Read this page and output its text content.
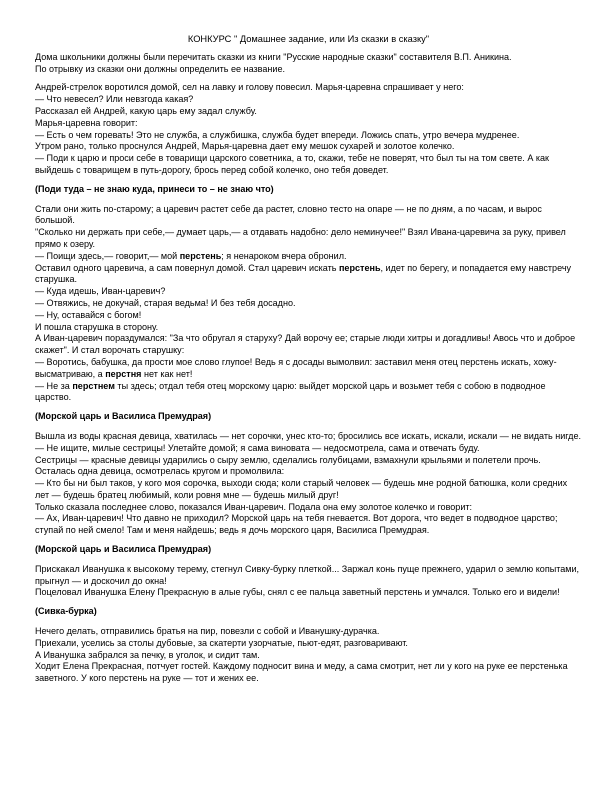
КОНКУРС " Домашнее задание, или Из сказки в сказку"

Дома школьники должны были перечитать сказки из книги "Русские народные сказки" составителя В.П. Аникина.

По отрывку из сказки они должны определить ее название.

Андрей-стрелок воротился домой, сел на лавку и голову повесил. Марья-царевна спрашивает у него:

— Что невесел? Или невзгода какая?

Рассказал ей Андрей, какую царь ему задал службу.

Марья-царевна говорит:

— Есть о чем горевать! Это не служба, а службишка, служба будет впереди. Ложись спать, утро вечера мудренее.

Утром рано, только проснулся Андрей, Марья-царевна дает ему мешок сухарей и золотое колечко.

— Поди к царю и проси себе в товарищи царского советника, а то, скажи, тебе не поверят, что был ты на том свете. А как выйдешь с товарищем в путь-дорогу, брось перед собой колечко, оно тебя доведет.

(Поди туда – не знаю куда, принеси то – не знаю что)

Стали они жить по-старому; а царевич растет себе да растет, словно тесто на опаре — не по дням, а по часам, и вырос большой.

"Сколько ни держать при себе,— думает царь,— а отдавать надобно: дело неминучее!" Взял Ивана-царевича за руку, привел прямо к озеру.

— Поищи здесь,— говорит,— мой перстень; я ненароком вчера обронил.

Оставил одного царевича, а сам повернул домой. Стал царевич искать перстень, идет по берегу, и попадается ему навстречу старушка.

— Куда идешь, Иван-царевич?

— Отвяжись, не докучай, старая ведьма! И без тебя досадно.

— Ну, оставайся с богом!

И пошла старушка в сторону.

А Иван-царевич пораздумался: "За что обругал я старуху? Дай ворочу ее; старые люди хитры и догадливы! Авось что и доброе скажет". И стал ворочать старушку:

— Воротись, бабушка, да прости мое слово глупое! Ведь я с досады вымолвил: заставил меня отец перстень искать, хожу-высматриваю, а перстня нет как нет!

— Не за перстнем ты здесь; отдал тебя отец морскому царю: выйдет морской царь и возьмет тебя с собою в подводное царство.

(Морской царь и Василиса Премудрая)

Вышла из воды красная девица, хватилась — нет сорочки, унес кто-то; бросились все искать, искали, искали — не видать нигде.

— Не ищите, милые сестрицы! Улетайте домой; я сама виновата — недосмотрела, сама и отвечать буду.

Сестрицы — красные девицы ударились о сыру землю, сделались голубицами, взмахнули крыльями и полетели прочь. Осталась одна девица, осмотрелась кругом и промолвила:

— Кто бы ни был таков, у кого моя сорочка, выходи сюда; коли старый человек — будешь мне родной батюшка, коли средних лет — будешь братец любимый, коли ровня мне — будешь милый друг!

Только сказала последнее слово, показался Иван-царевич. Подала она ему золотое колечко и говорит:

— Ах, Иван-царевич! Что давно не приходил? Морской царь на тебя гневается. Вот дорога, что ведет в подводное царство; ступай по ней смело! Там и меня найдешь; ведь я дочь морского царя, Василиса Премудрая.

(Морской царь и Василиса Премудрая)

Прискакал Иванушка к высокому терему, стегнул Сивку-бурку плеткой... Заржал конь пуще прежнего, ударил о землю копытами, прыгнул — и доскочил до окна!

Поцеловал Иванушка Елену Прекрасную в алые губы, снял с ее пальца заветный перстень и умчался. Только его и видели!

(Сивка-бурка)

Нечего делать, отправились братья на пир, повезли с собой и Иванушку-дурачка.

Приехали, уселись за столы дубовые, за скатерти узорчатые, пьют-едят, разговаривают.

А Иванушка забрался за печку, в уголок, и сидит там.

Ходит Елена Прекрасная, потчует гостей. Каждому подносит вина и меду, а сама смотрит, нет ли у кого на руке ее перстенька заветного. У кого перстень на руке — тот и жених ее.
